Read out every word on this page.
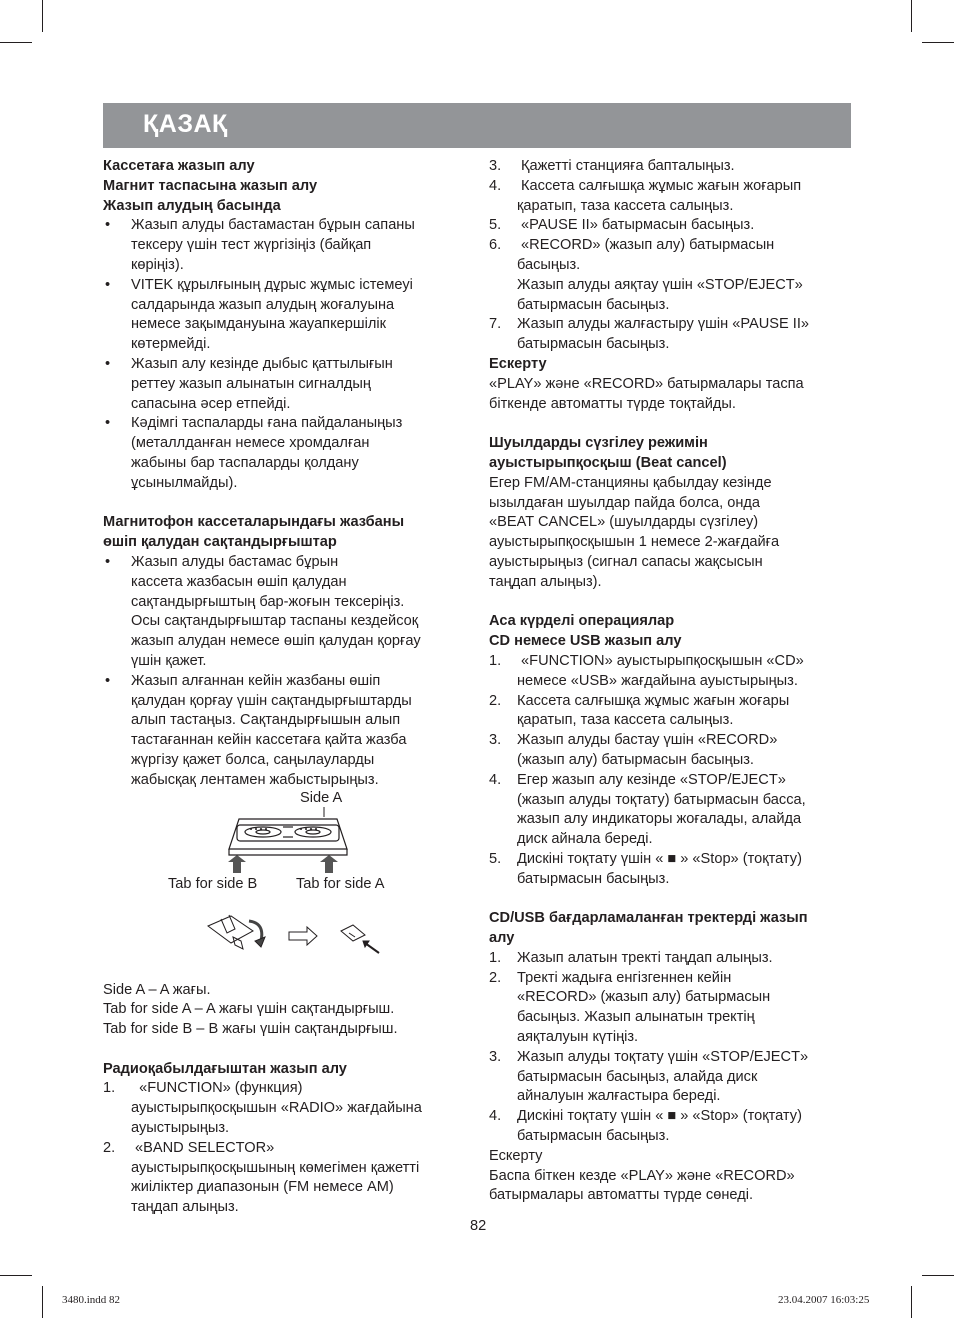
ҚАЗАҚ
Кассетаға жазып алу
Магнит таспасына жазып алу
Жазып алудың басында
• Жазып алуды бастамастан бұрын сапаны
тексеру үшін тест жүргізіңіз (байқап
көріңіз).
• VITEK құрылғының дұрыс жұмыс істемеуі
салдарында жазып алудың жоғалуына
немесе зақымдануына жауапкершілік
көтермейді.
• Жазып алу кезінде дыбыс қаттылығын
реттеу жазып алынатын сигналдың
сапасына әсер етпейді.
• Кәдімгі таспаларды ғана пайдаланыңыз
(металлданған немесе хромдалған
жабыны бар таспаларды қолдану
ұсынылмайды).
Магнитофон кассеталарындағы жазбаны
өшіп қалудан сақтандырғыштар
• Жазып алуды бастамас бұрын
кассета жазбасын өшіп қалудан
сақтандырғыштың бар-жоғын тексеріңіз.
Осы сақтандырғыштар таспаны кездейсоқ
жазып алудан немесе өшіп қалудан қорғау
үшін қажет.
• Жазып алғаннан кейін жазбаны өшіп
қалудан қорғау үшін сақтандырғыштарды
алып тастаңыз. Сақтандырғышын алып
тастағаннан кейін кассетаға қайта жазба
жүргізу қажет болса, саңылауларды
жабысқақ лентамен жабыстырыңыз.
Side A
Tab for side B	Tab for side A
Side A – A жағы.
Tab for side A – A жағы үшін сақтандырғыш.
Tab for side B – B жағы үшін сақтандырғыш.
Радиоқабылдағыштан жазып алу
1. «FUNCTION» (функция)
ауыстырыпқосқышын «RADIO» жағдайына
ауыстырыңыз.
2. «BAND SELECTOR»
ауыстырыпқосқышының көмегімен қажетті
жиіліктер диапазонын (FM немесе AM)
таңдап алыңыз.
3. Қажетті станцияға бапталыңыз.
4. Кассета салғышқа жұмыс жағын жоғарып
қаратып, таза кассета салыңыз.
5. «PAUSE II» батырмасын басыңыз.
6. «RECORD» (жазып алу) батырмасын
басыңыз.
Жазып алуды аяқтау үшін «STOP/EJECT»
батырмасын басыңыз.
7. Жазып алуды жалғастыру үшін «PAUSE II»
батырмасын басыңыз.
Ескерту
«PLAY» және «RECORD» батырмалары таспа
біткенде автоматты түрде тоқтайды.
Шуылдарды сүзгілеу режимін
ауыстырыпқосқыш (Beat cancel)
Егер FM/AM-станцияны қабылдау кезінде
ызылдаған шуылдар пайда болса, онда
«BEAT CANCEL» (шуылдарды сүзгілеу)
ауыстырыпқосқышын 1 немесе 2-жағдайға
ауыстырыңыз (сигнал сапасы жақсысын
таңдап алыңыз).
Аса күрделі операциялар
CD немесе USB жазып алу
1. «FUNCTION» ауыстырыпқосқышын «CD»
немесе «USB» жағдайына ауыстырыңыз.
2. Кассета салғышқа жұмыс жағын жоғары
қаратып, таза кассета салыңыз.
3. Жазып алуды бастау үшін «RECORD»
(жазып алу) батырмасын басыңыз.
4. Егер жазып алу кезінде «STOP/EJECT»
(жазып алуды тоқтату) батырмасын басса,
жазып алу индикаторы жоғалады, алайда
диск айнала береді.
5. Дискіні тоқтату үшін « ■ » «Stop» (тоқтату)
батырмасын басыңыз.
CD/USB бағдарламаланған тректерді жазып
алу
1. Жазып алатын тректі таңдап алыңыз.
2. Тректі жадыға енгізгеннен кейін
«RECORD» (жазып алу) батырмасын
басыңыз. Жазып алынатын тректің
аяқталуын күтіңіз.
3. Жазып алуды тоқтату үшін «STOP/EJECT»
батырмасын басыңыз, алайда диск
айналуын жалғастыра береді.
4. Дискіні тоқтату үшін « ■ » «Stop» (тоқтату)
батырмасын басыңыз.
Ескерту
Баспа біткен кезде «PLAY» және «RECORD»
батырмалары автоматты түрде сөнеді.
82
3480.indd 82	23.04.2007 16:03:25
